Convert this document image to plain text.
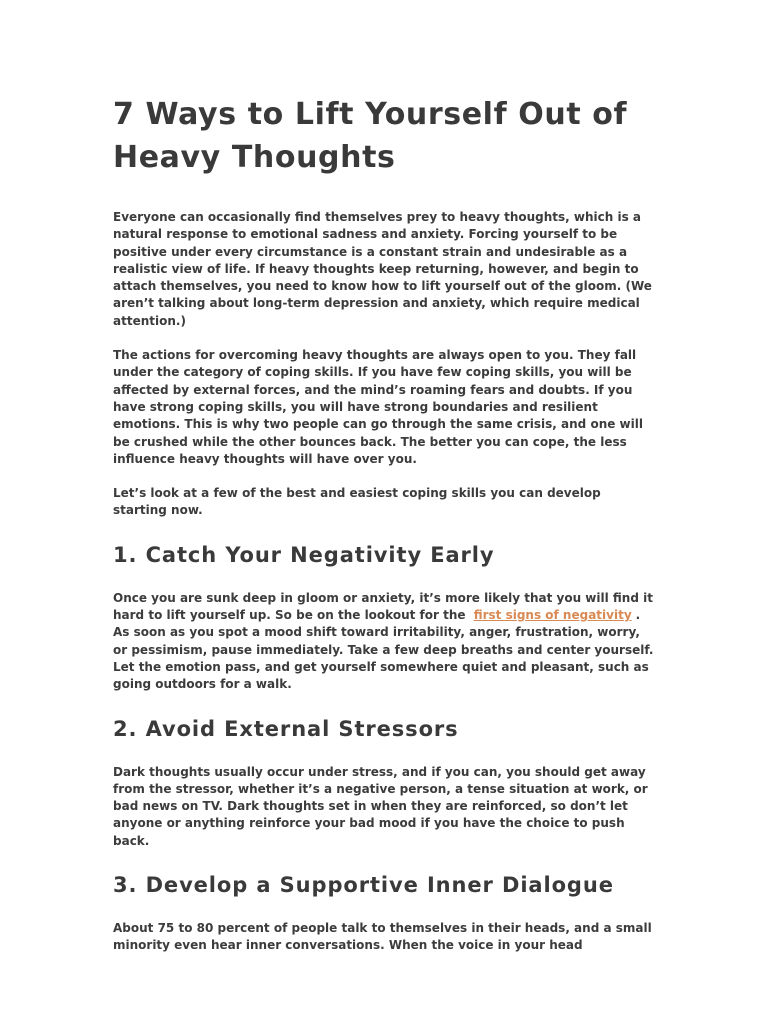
7 Ways to Lift Yourself Out of Heavy Thoughts

Everyone can occasionally find themselves prey to heavy thoughts, which is a natural response to emotional sadness and anxiety. Forcing yourself to be positive under every circumstance is a constant strain and undesirable as a realistic view of life. If heavy thoughts keep returning, however, and begin to attach themselves, you need to know how to lift yourself out of the gloom. (We aren’t talking about long-term depression and anxiety, which require medical attention.)

The actions for overcoming heavy thoughts are always open to you. They fall under the category of coping skills. If you have few coping skills, you will be affected by external forces, and the mind’s roaming fears and doubts. If you have strong coping skills, you will have strong boundaries and resilient emotions. This is why two people can go through the same crisis, and one will be crushed while the other bounces back. The better you can cope, the less influence heavy thoughts will have over you.

Let’s look at a few of the best and easiest coping skills you can develop starting now.

1. Catch Your Negativity Early

Once you are sunk deep in gloom or anxiety, it’s more likely that you will find it hard to lift yourself up. So be on the lookout for the first signs of negativity . As soon as you spot a mood shift toward irritability, anger, frustration, worry, or pessimism, pause immediately. Take a few deep breaths and center yourself. Let the emotion pass, and get yourself somewhere quiet and pleasant, such as going outdoors for a walk.

2. Avoid External Stressors

Dark thoughts usually occur under stress, and if you can, you should get away from the stressor, whether it’s a negative person, a tense situation at work, or bad news on TV. Dark thoughts set in when they are reinforced, so don’t let anyone or anything reinforce your bad mood if you have the choice to push back.

3. Develop a Supportive Inner Dialogue

About 75 to 80 percent of people talk to themselves in their heads, and a small minority even hear inner conversations. When the voice in your head
